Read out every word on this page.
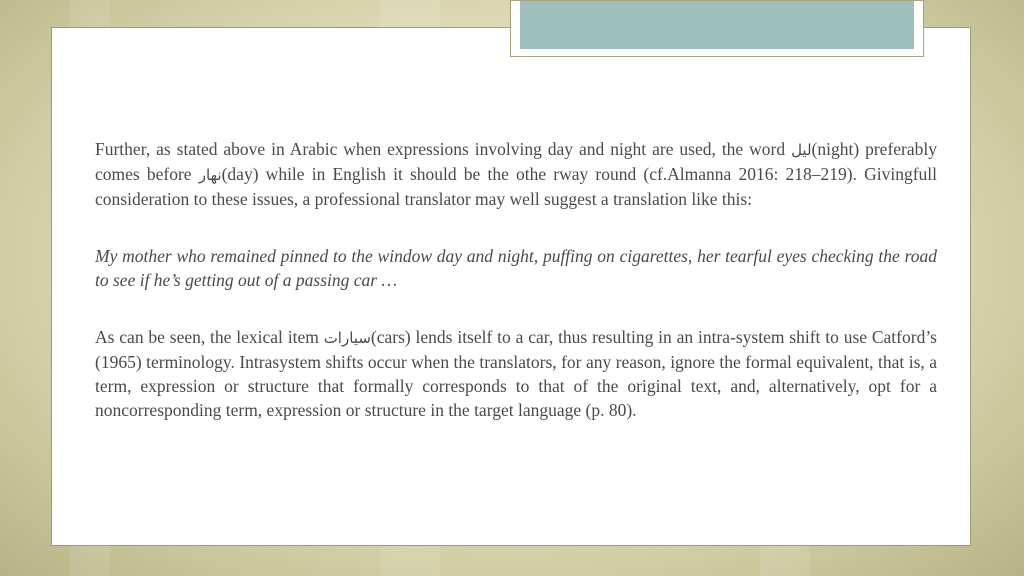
Further, as stated above in Arabic when expressions involving day and night are used, the word ليل(night) preferably comes before نهار(day) while in English it should be the othe rway round (cf.Almanna 2016: 218–219). Givingfull consideration to these issues, a professional translator may well suggest a translation like this:

My mother who remained pinned to the window day and night, puffing on cigarettes, her tearful eyes checking the road to see if he’s getting out of a passing car …

As can be seen, the lexical item سيارات(cars) lends itself to a car, thus resulting in an intra-system shift to use Catford’s (1965) terminology. Intrasystem shifts occur when the translators, for any reason, ignore the formal equivalent, that is, a term, expression or structure that formally corresponds to that of the original text, and, alternatively, opt for a noncorresponding term, expression or structure in the target language (p. 80).
